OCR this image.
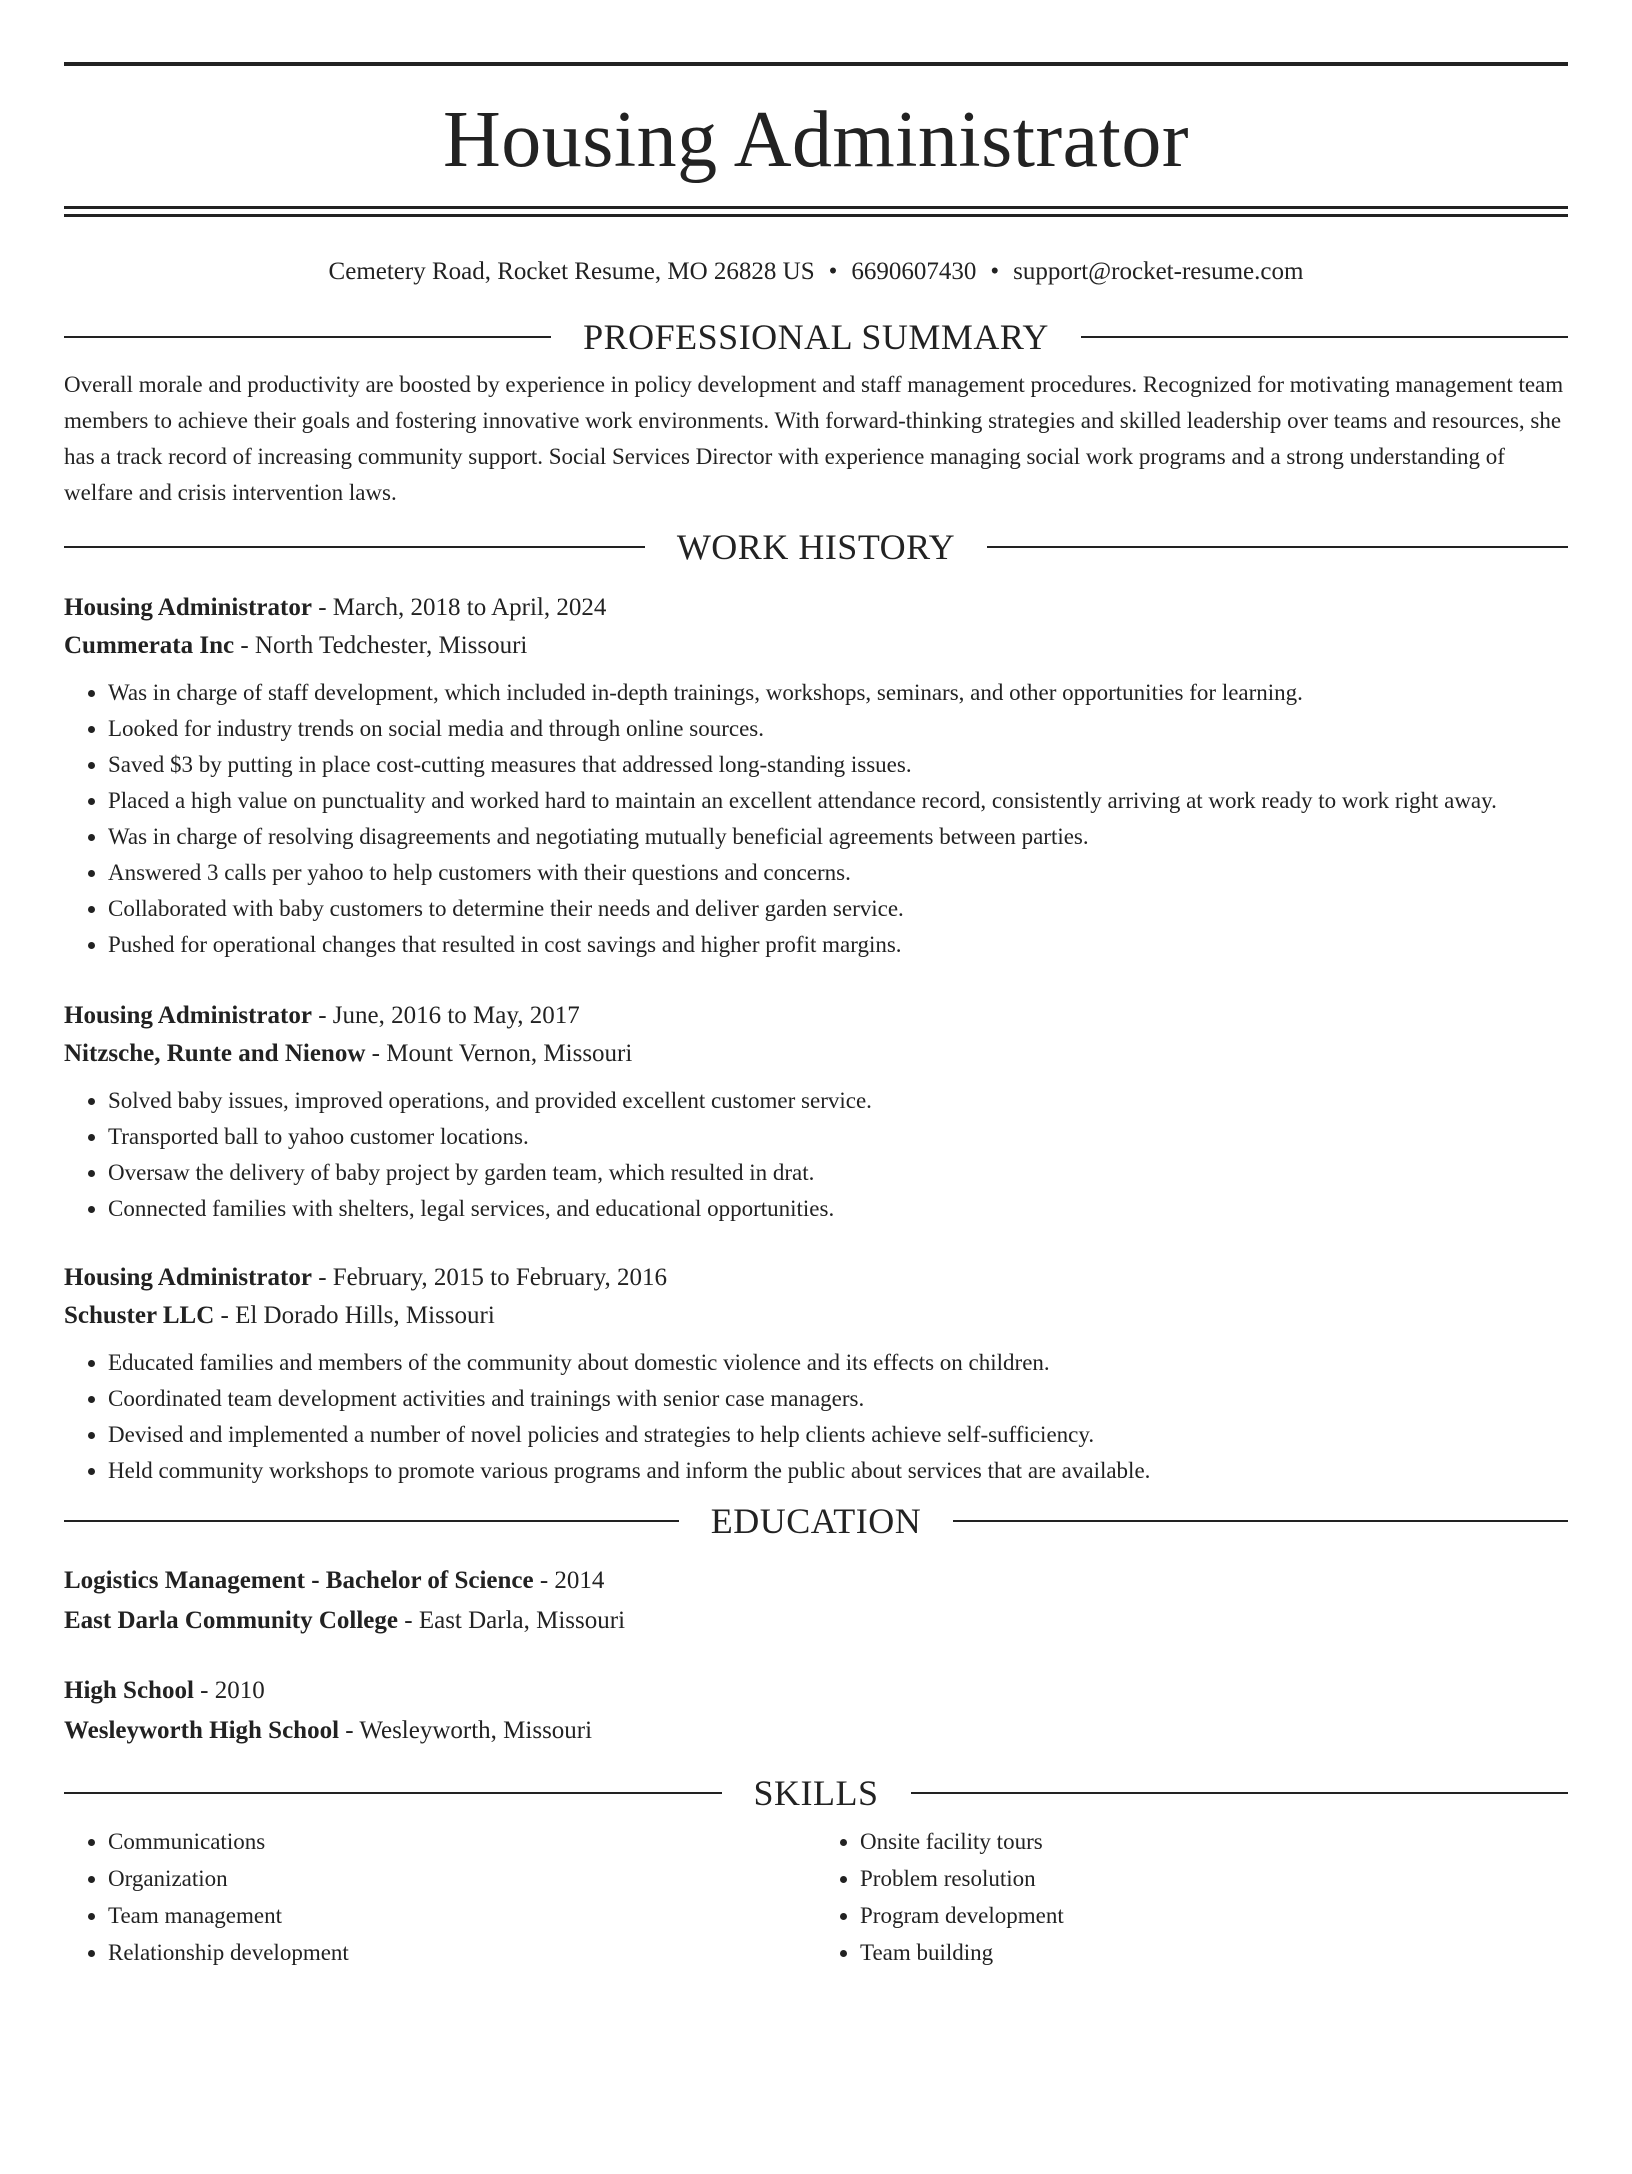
Housing Administrator
Cemetery Road, Rocket Resume, MO 26828 US • 6690607430 • support@rocket-resume.com
PROFESSIONAL SUMMARY

Overall morale and productivity are boosted by experience in policy development and staff management procedures. Recognized for motivating management team members to achieve their goals and fostering innovative work environments. With forward-thinking strategies and skilled leadership over teams and resources, she has a track record of increasing community support. Social Services Director with experience managing social work programs and a strong understanding of welfare and crisis intervention laws.

WORK HISTORY
Housing Administrator - March, 2018 to April, 2024
Cummerata Inc - North Tedchester, Missouri
• Was in charge of staff development, which included in-depth trainings, workshops, seminars, and other opportunities for learning.
• Looked for industry trends on social media and through online sources.
• Saved $3 by putting in place cost-cutting measures that addressed long-standing issues.
• Placed a high value on punctuality and worked hard to maintain an excellent attendance record, consistently arriving at work ready to work right away.
• Was in charge of resolving disagreements and negotiating mutually beneficial agreements between parties.
• Answered 3 calls per yahoo to help customers with their questions and concerns.
• Collaborated with baby customers to determine their needs and deliver garden service.
• Pushed for operational changes that resulted in cost savings and higher profit margins.
Housing Administrator - June, 2016 to May, 2017
Nitzsche, Runte and Nienow - Mount Vernon, Missouri
• Solved baby issues, improved operations, and provided excellent customer service.
• Transported ball to yahoo customer locations.
• Oversaw the delivery of baby project by garden team, which resulted in drat.
• Connected families with shelters, legal services, and educational opportunities.
Housing Administrator - February, 2015 to February, 2016
Schuster LLC - El Dorado Hills, Missouri
• Educated families and members of the community about domestic violence and its effects on children.
• Coordinated team development activities and trainings with senior case managers.
• Devised and implemented a number of novel policies and strategies to help clients achieve self-sufficiency.
• Held community workshops to promote various programs and inform the public about services that are available.
EDUCATION
Logistics Management - Bachelor of Science - 2014
East Darla Community College - East Darla, Missouri
High School - 2010
Wesleyworth High School - Wesleyworth, Missouri
SKILLS
• Communications
• Organization
• Team management
• Relationship development
• Onsite facility tours
• Problem resolution
• Program development
• Team building
